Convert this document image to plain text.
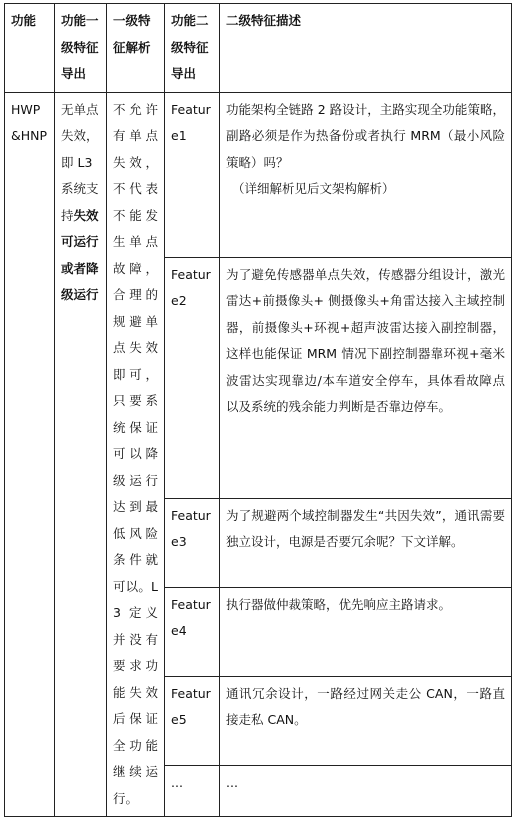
功能	功能一级特征导出	一级特征解析	功能二级特征导出	二级特征描述
HWP&HNP	无单点失效，即 L3 系统支持失效可运行或者降级运行	不允许有单点失效，不代表不能发生单点故障，合理的规避单点失效即可，只要系统保证可以降级运行达到最低风险条件就可以。L3 定义并没有要求功能失效后保证全功能继续运行。	Feature1	功能架构全链路 2 路设计，主路实现全功能策略，副路必须是作为热备份或者执行 MRM（最小风险策略）吗？
（详细解析见后文架构解析）
			Feature2	为了避免传感器单点失效，传感器分组设计，激光雷达+前摄像头+ 侧摄像头+角雷达接入主域控制器，前摄像头+环视+超声波雷达接入副控制器，这样也能保证 MRM 情况下副控制器靠环视+毫米波雷达实现靠边/本车道安全停车，具体看故障点以及系统的残余能力判断是否靠边停车。
			Feature3	为了规避两个域控制器发生“共因失效”，通讯需要独立设计，电源是否要冗余呢？下文详解。
			Feature4	执行器做仲裁策略，优先响应主路请求。
			Feature5	通讯冗余设计，一路经过网关走公 CAN，一路直接走私 CAN。
			...	...
